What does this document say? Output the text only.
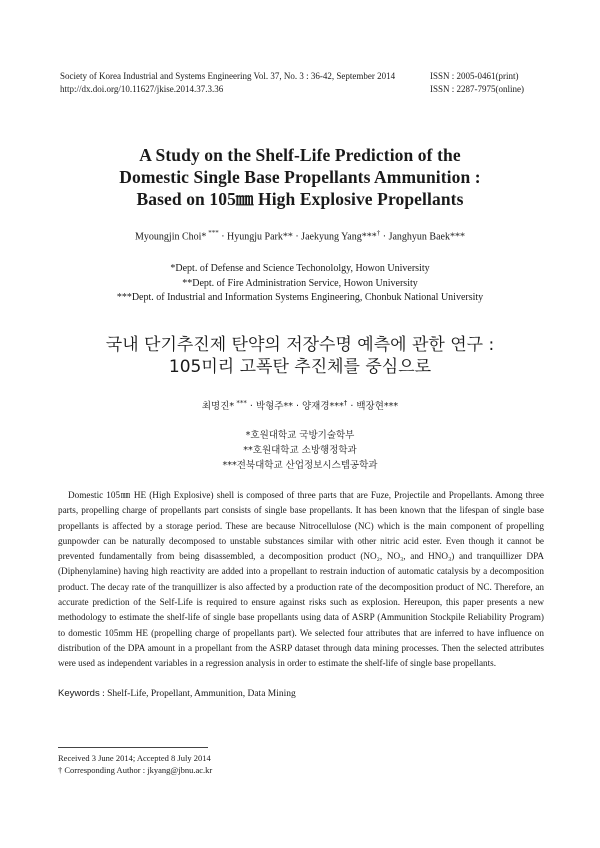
Society of Korea Industrial and Systems Engineering Vol. 37, No. 3 : 36-42, September 2014	ISSN : 2005-0461(print)
http://dx.doi.org/10.11627/jkise.2014.37.3.36	ISSN : 2287-7975(online)
A Study on the Shelf-Life Prediction of the
Domestic Single Base Propellants Ammunition :
Based on 105㎜ High Explosive Propellants
Myoungjin Choi* *** · Hyungju Park** · Jaekyung Yang***† · Janghyun Baek***
*Dept. of Defense and Science Techonololgy, Howon University
**Dept. of Fire Administration Service, Howon University
***Dept. of Industrial and Information Systems Engineering, Chonbuk National University
국내 단기추진제 탄약의 저장수명 예측에 관한 연구 :
105미리 고폭탄 추진체를 중심으로
최명진* *** · 박형주** · 양재경***† · 백장현***
*호원대학교 국방기술학부
**호원대학교 소방행정학과
***전북대학교 산업정보시스템공학과

Domestic 105㎜ HE (High Explosive) shell is composed of three parts that are Fuze, Projectile and Propellants. Among three parts, propelling charge of propellants part consists of single base propellants. It has been known that the lifespan of single base propellants is affected by a storage period. These are because Nitrocellulose (NC) which is the main component of propelling gunpowder can be naturally decomposed to unstable substances similar with other nitric acid ester. Even though it cannot be prevented fundamentally from being disassembled, a decomposition product (NO₂, NO₃, and HNO₃) and tranquillizer DPA (Diphenylamine) having high reactivity are added into a propellant to restrain induction of automatic catalysis by a decomposition product. The decay rate of the tranquillizer is also affected by a production rate of the decomposition product of NC. Therefore, an accurate prediction of the Self-Life is required to ensure against risks such as explosion. Hereupon, this paper presents a new methodology to estimate the shelf-life of single base propellants using data of ASRP (Ammunition Stockpile Reliability Program) to domestic 105mm HE (propelling charge of propellants part). We selected four attributes that are inferred to have influence on distribution of the DPA amount in a propellant from the ASRP dataset through data mining processes. Then the selected attributes were used as independent variables in a regression analysis in order to estimate the shelf-life of single base propellants.

Keywords : Shelf-Life, Propellant, Ammunition, Data Mining
Received 3 June 2014; Accepted 8 July 2014
† Corresponding Author : jkyang@jbnu.ac.kr
